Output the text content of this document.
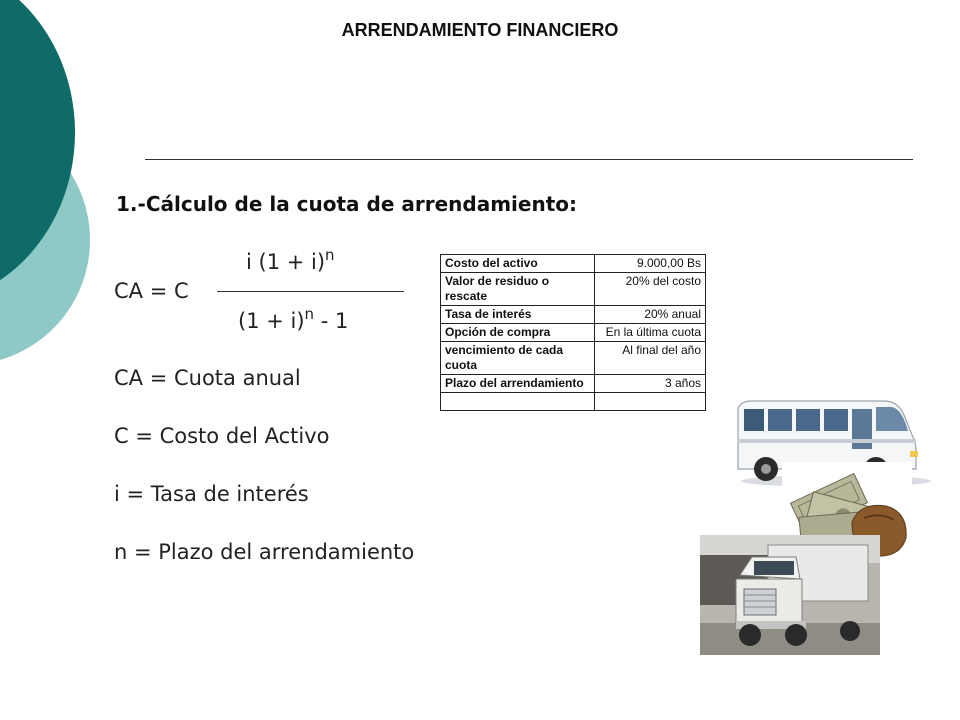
ARRENDAMIENTO FINANCIERO
1.-Cálculo de la cuota de arrendamiento:
i $(1 + i)^n$
CA = C
$(1 + i)^n - 1$
CA = Cuota anual
C = Costo del Activo
i = Tasa de interés
n = Plazo del arrendamiento
Costo del activo	9.000,00 Bs
Valor de residuo o rescate	20% del costo
Tasa de interés	20% anual
Opción de compra	En la última cuota
vencimiento de cada cuota	Al final del año
Plazo del arrendamiento	3 años
